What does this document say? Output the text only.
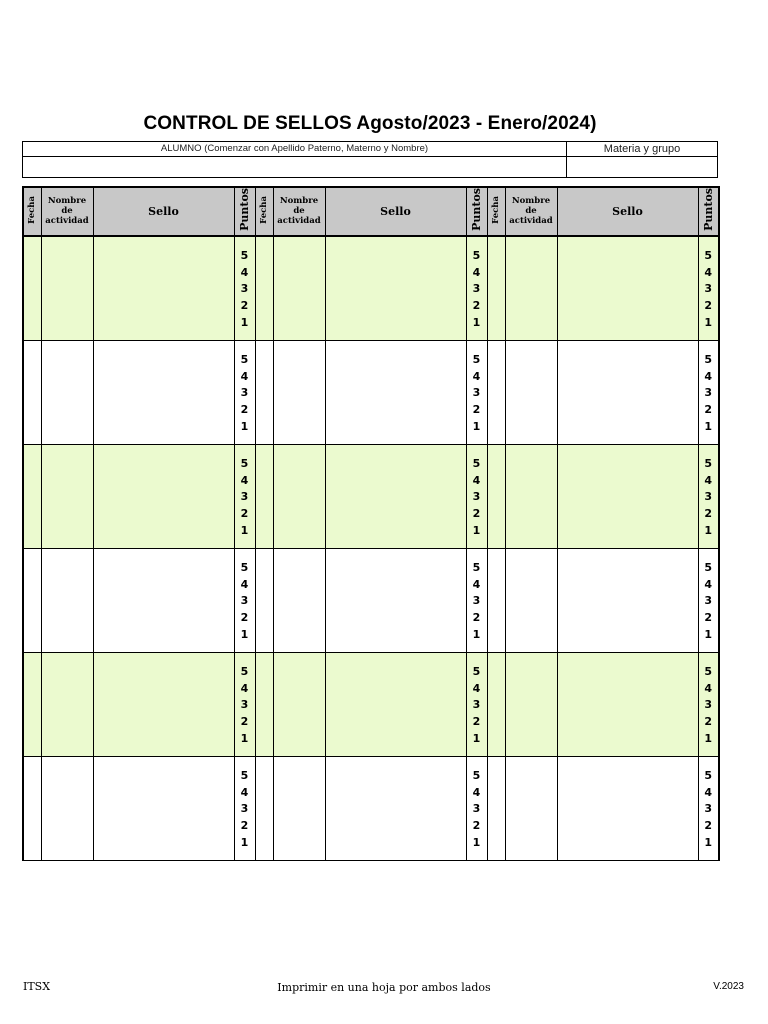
CONTROL DE SELLOS Agosto/2023 - Enero/2024)
ALUMNO (Comenzar con Apellido Paterno, Materno y Nombre)	Materia y grupo
Fecha	Nombre de actividad	Sello	Puntos	Fecha	Nombre de actividad	Sello	Puntos	Fecha	Nombre de actividad	Sello	Puntos

			5
4
3
2
1				5
4
3
2
1				5
4
3
2
1

			5
4
3
2
1				5
4
3
2
1				5
4
3
2
1

			5
4
3
2
1				5
4
3
2
1				5
4
3
2
1

			5
4
3
2
1				5
4
3
2
1				5
4
3
2
1

			5
4
3
2
1				5
4
3
2
1				5
4
3
2
1

			5
4
3
2
1				5
4
3
2
1				5
4
3
2
1
ITSX	Imprimir en una hoja por ambos lados	V.2023
